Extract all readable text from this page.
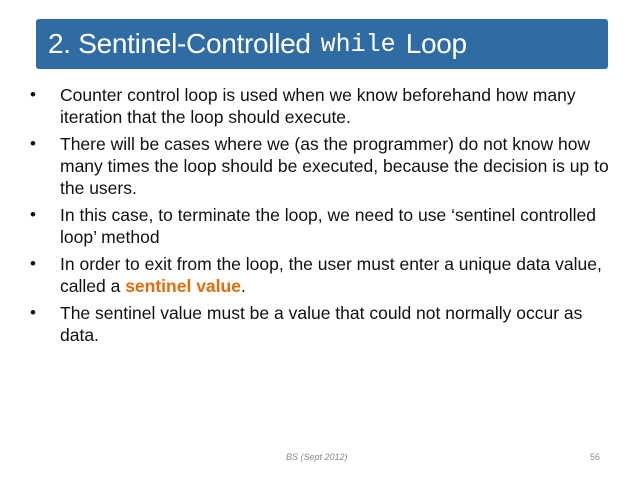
2. Sentinel-Controlled while Loop
•	Counter control loop is used when we know beforehand how many iteration that the loop should execute.
•	There will be cases where we (as the programmer) do not know how many times the loop should be executed, because the decision is up to the users.
•	In this case, to terminate the loop, we need to use ‘sentinel controlled loop’ method
•	In order to exit from the loop, the user must enter a unique data value, called a sentinel value.
•	The sentinel value must be a value that could not normally occur as data.
BS (Sept 2012)	56
